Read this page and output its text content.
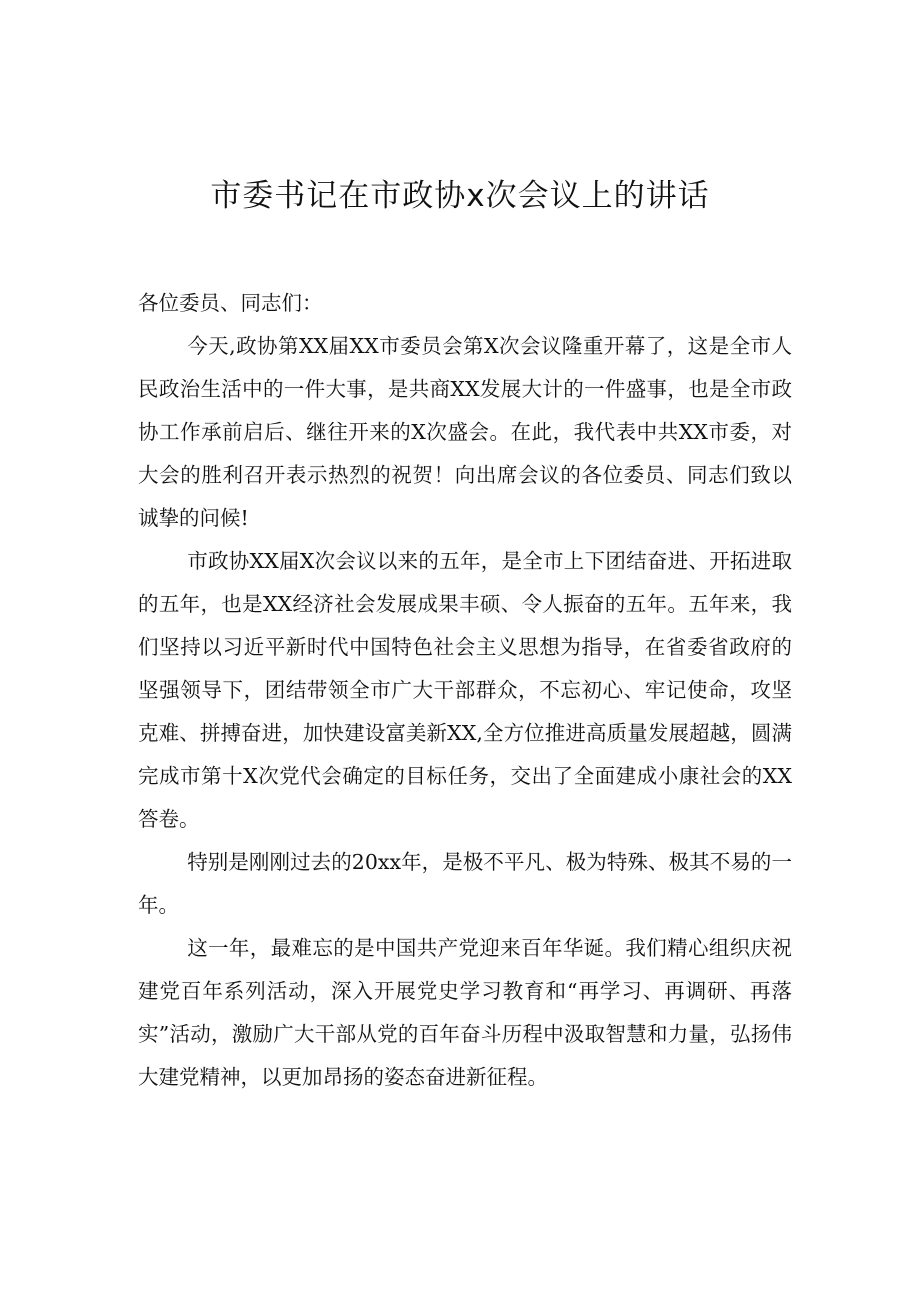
市委书记在市政协x次会议上的讲话

各位委员、同志们：

今天,政协第XX届XX市委员会第X次会议隆重开幕了，这是全市人民政治生活中的一件大事，是共商XX发展大计的一件盛事，也是全市政协工作承前启后、继往开来的X次盛会。在此，我代表中共XX市委，对大会的胜利召开表示热烈的祝贺！向出席会议的各位委员、同志们致以诚挚的问候!

市政协XX届X次会议以来的五年，是全市上下团结奋进、开拓进取的五年，也是XX经济社会发展成果丰硕、令人振奋的五年。五年来，我们坚持以习近平新时代中国特色社会主义思想为指导，在省委省政府的坚强领导下，团结带领全市广大干部群众，不忘初心、牢记使命，攻坚克难、拼搏奋进，加快建设富美新XX,全方位推进高质量发展超越，圆满完成市第十X次党代会确定的目标任务，交出了全面建成小康社会的XX答卷。

特别是刚刚过去的20xx年，是极不平凡、极为特殊、极其不易的一年。

这一年，最难忘的是中国共产党迎来百年华诞。我们精心组织庆祝建党百年系列活动，深入开展党史学习教育和“再学习、再调研、再落实”活动，激励广大干部从党的百年奋斗历程中汲取智慧和力量，弘扬伟大建党精神，以更加昂扬的姿态奋进新征程。
